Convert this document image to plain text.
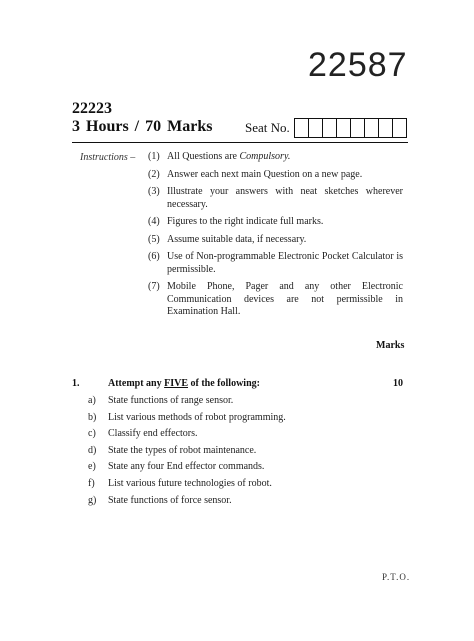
22587
22223
3 Hours / 70 Marks	Seat No.
Instructions – (1) All Questions are Compulsory.
(2) Answer each next main Question on a new page.
(3) Illustrate your answers with neat sketches wherever necessary.
(4) Figures to the right indicate full marks.
(5) Assume suitable data, if necessary.
(6) Use of Non-programmable Electronic Pocket Calculator is permissible.
(7) Mobile Phone, Pager and any other Electronic Communication devices are not permissible in Examination Hall.
Marks
1.	Attempt any FIVE of the following:	10
a)	State functions of range sensor.
b)	List various methods of robot programming.
c)	Classify end effectors.
d)	State the types of robot maintenance.
e)	State any four End effector commands.
f)	List various future technologies of robot.
g)	State functions of force sensor.
P.T.O.
